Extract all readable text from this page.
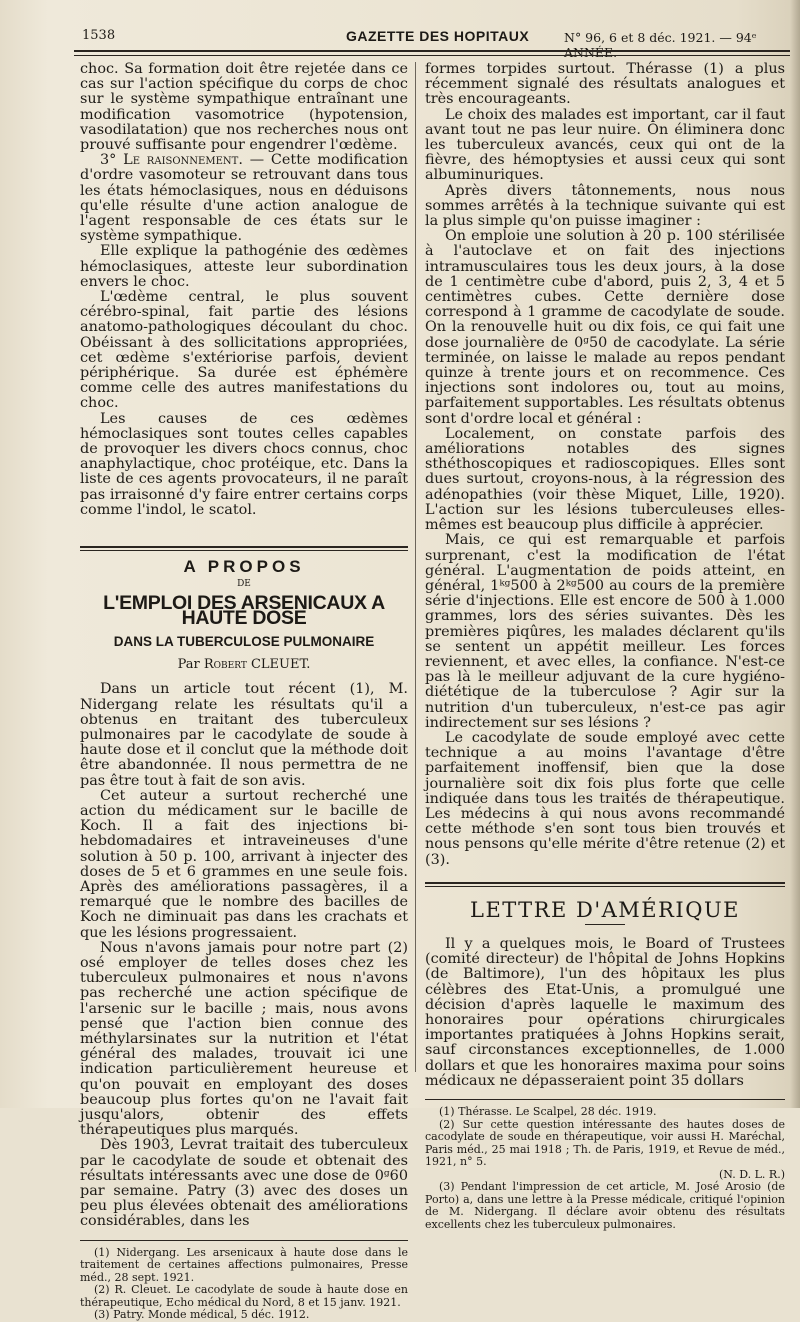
1538	GAZETTE DES HOPITAUX	N° 96, 6 et 8 déc. 1921. — 94ᵉ ANNÉE.

choc. Sa formation doit être rejetée dans ce cas sur l'action spécifique du corps de choc sur le système sympathique entraînant une modification vasomotrice (hypotension, vasodilatation) que nos recherches nous ont prouvé suffisante pour engendrer l'œdème.

3° Le raisonnement. — Cette modification d'ordre vasomoteur se retrouvant dans tous les états hémoclasiques, nous en déduisons qu'elle résulte d'une action analogue de l'agent responsable de ces états sur le système sympathique.

Elle explique la pathogénie des œdèmes hémoclasiques, atteste leur subordination envers le choc.

L'œdème central, le plus souvent cérébro-spinal, fait partie des lésions anatomo-pathologiques découlant du choc. Obéissant à des sollicitations appropriées, cet œdème s'extériorise parfois, devient périphérique. Sa durée est éphémère comme celle des autres manifestations du choc.

Les causes de ces œdèmes hémoclasiques sont toutes celles capables de provoquer les divers chocs connus, choc anaphylactique, choc protéique, etc. Dans la liste de ces agents provocateurs, il ne paraît pas irraisonné d'y faire entrer certains corps comme l'indol, le scatol.

A PROPOS
DE
L'EMPLOI DES ARSENICAUX A HAUTE DOSE
DANS LA TUBERCULOSE PULMONAIRE
Par Robert CLEUET.

Dans un article tout récent (1), M. Nidergang relate les résultats qu'il a obtenus en traitant des tuberculeux pulmonaires par le cacodylate de soude à haute dose et il conclut que la méthode doit être abandonnée. Il nous permettra de ne pas être tout à fait de son avis.

Cet auteur a surtout recherché une action du médicament sur le bacille de Koch. Il a fait des injections bi-hebdomadaires et intraveineuses d'une solution à 50 p. 100, arrivant à injecter des doses de 5 et 6 grammes en une seule fois. Après des améliorations passagères, il a remarqué que le nombre des bacilles de Koch ne diminuait pas dans les crachats et que les lésions progressaient.

Nous n'avons jamais pour notre part (2) osé employer de telles doses chez les tuberculeux pulmonaires et nous n'avons pas recherché une action spécifique de l'arsenic sur le bacille ; mais, nous avons pensé que l'action bien connue des méthylarsinates sur la nutrition et l'état général des malades, trouvait ici une indication particulièrement heureuse et qu'on pouvait en employant des doses beaucoup plus fortes qu'on ne l'avait fait jusqu'alors, obtenir des effets thérapeutiques plus marqués.

Dès 1903, Levrat traitait des tuberculeux par le cacodylate de soude et obtenait des résultats intéressants avec une dose de 0ᵍ60 par semaine. Patry (3) avec des doses un peu plus élevées obtenait des améliorations considérables, dans les

(1) Nidergang. Les arsenicaux à haute dose dans le traitement de certaines affections pulmonaires, Presse méd., 28 sept. 1921.

(2) R. Cleuet. Le cacodylate de soude à haute dose en thérapeutique, Echo médical du Nord, 8 et 15 janv. 1921.

(3) Patry. Monde médical, 5 déc. 1912.

formes torpides surtout. Thérasse (1) a plus récemment signalé des résultats analogues et très encourageants.

Le choix des malades est important, car il faut avant tout ne pas leur nuire. On éliminera donc les tuberculeux avancés, ceux qui ont de la fièvre, des hémoptysies et aussi ceux qui sont albuminuriques.

Après divers tâtonnements, nous nous sommes arrêtés à la technique suivante qui est la plus simple qu'on puisse imaginer :

On emploie une solution à 20 p. 100 stérilisée à l'autoclave et on fait des injections intramusculaires tous les deux jours, à la dose de 1 centimètre cube d'abord, puis 2, 3, 4 et 5 centimètres cubes. Cette dernière dose correspond à 1 gramme de cacodylate de soude. On la renouvelle huit ou dix fois, ce qui fait une dose journalière de 0ᵍ50 de cacodylate. La série terminée, on laisse le malade au repos pendant quinze à trente jours et on recommence. Ces injections sont indolores ou, tout au moins, parfaitement supportables. Les résultats obtenus sont d'ordre local et général :

Localement, on constate parfois des améliorations notables des signes sthéthoscopiques et radioscopiques. Elles sont dues surtout, croyons-nous, à la régression des adénopathies (voir thèse Miquet, Lille, 1920). L'action sur les lésions tuberculeuses elles-mêmes est beaucoup plus difficile à apprécier.

Mais, ce qui est remarquable et parfois surprenant, c'est la modification de l'état général. L'augmentation de poids atteint, en général, 1ᵏᵍ500 à 2ᵏᵍ500 au cours de la première série d'injections. Elle est encore de 500 à 1.000 grammes, lors des séries suivantes. Dès les premières piqûres, les malades déclarent qu'ils se sentent un appétit meilleur. Les forces reviennent, et avec elles, la confiance. N'est-ce pas là le meilleur adjuvant de la cure hygiéno-diététique de la tuberculose ? Agir sur la nutrition d'un tuberculeux, n'est-ce pas agir indirectement sur ses lésions ?

Le cacodylate de soude employé avec cette technique a au moins l'avantage d'être parfaitement inoffensif, bien que la dose journalière soit dix fois plus forte que celle indiquée dans tous les traités de thérapeutique. Les médecins à qui nous avons recommandé cette méthode s'en sont tous bien trouvés et nous pensons qu'elle mérite d'être retenue (2) et (3).

LETTRE D'AMÉRIQUE

Il y a quelques mois, le Board of Trustees (comité directeur) de l'hôpital de Johns Hopkins (de Baltimore), l'un des hôpitaux les plus célèbres des Etat-Unis, a promulgué une décision d'après laquelle le maximum des honoraires pour opérations chirurgicales importantes pratiquées à Johns Hopkins serait, sauf circonstances exceptionnelles, de 1.000 dollars et que les honoraires maxima pour soins médicaux ne dépasseraient point 35 dollars

(1) Thérasse. Le Scalpel, 28 déc. 1919.

(2) Sur cette question intéressante des hautes doses de cacodylate de soude en thérapeutique, voir aussi H. Maréchal, Paris méd., 25 mai 1918 ; Th. de Paris, 1919, et Revue de méd., 1921, n° 5.

(N. D. L. R.)

(3) Pendant l'impression de cet article, M. José Arosio (de Porto) a, dans une lettre à la Presse médicale, critiqué l'opinion de M. Nidergang. Il déclare avoir obtenu des résultats excellents chez les tuberculeux pulmonaires.
